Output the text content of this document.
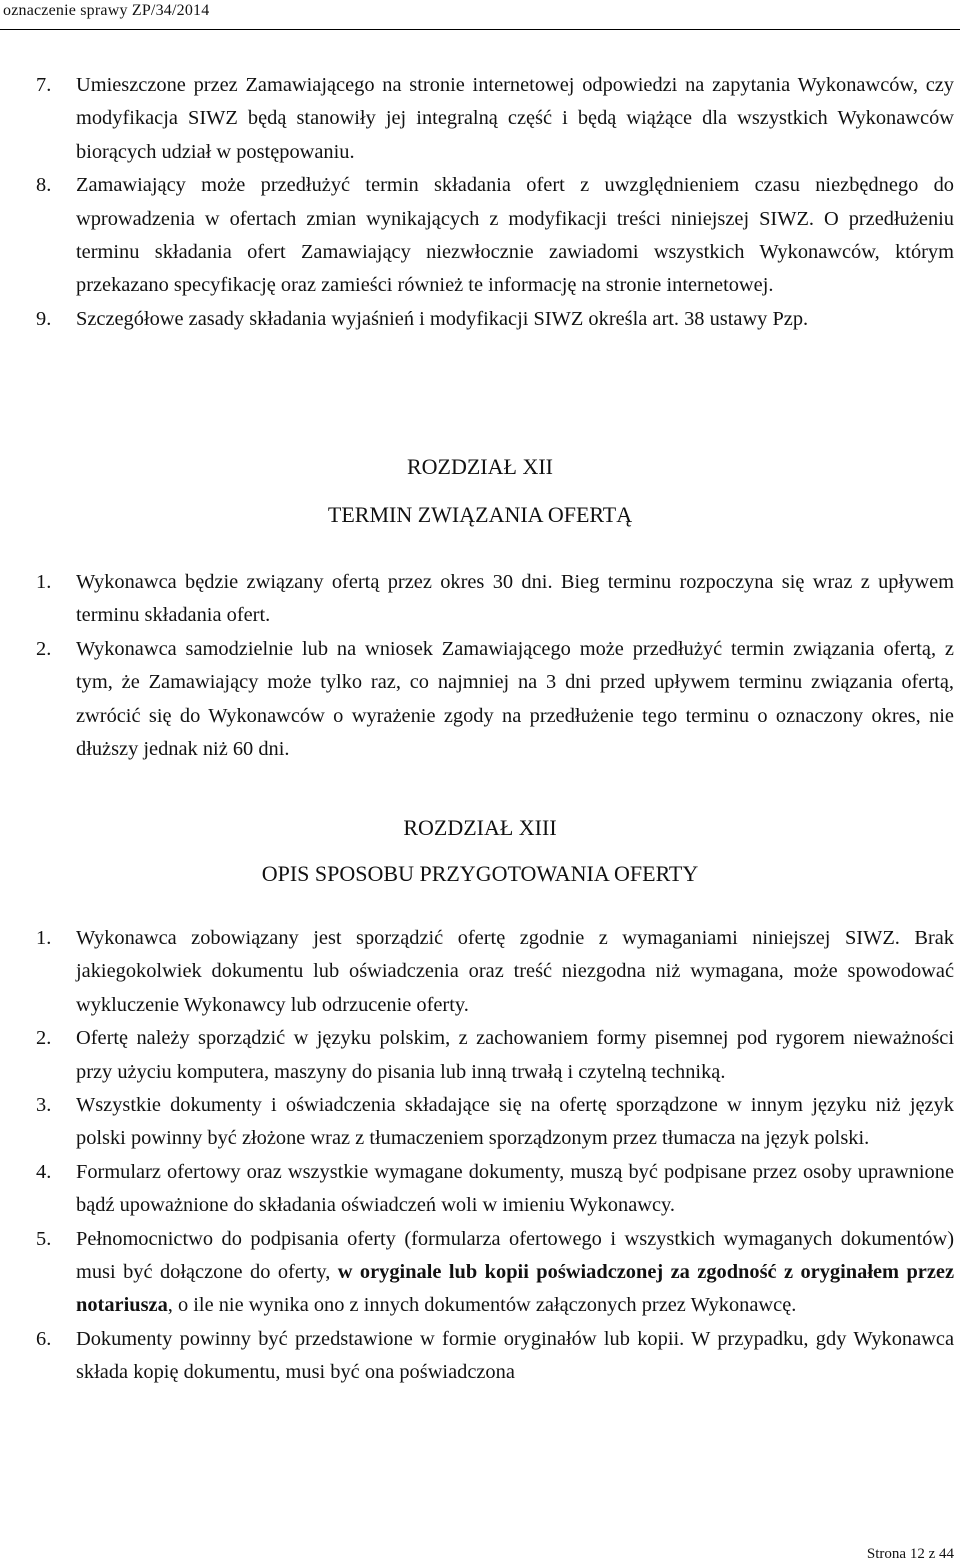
oznaczenie sprawy ZP/34/2014
7. Umieszczone przez Zamawiającego na stronie internetowej odpowiedzi na zapytania Wykonawców, czy modyfikacja SIWZ będą stanowiły jej integralną część i będą wiążące dla wszystkich Wykonawców biorących udział w postępowaniu.
8. Zamawiający może przedłużyć termin składania ofert z uwzględnieniem czasu niezbędnego do wprowadzenia w ofertach zmian wynikających z modyfikacji treści niniejszej SIWZ. O przedłużeniu terminu składania ofert Zamawiający niezwłocznie zawiadomi wszystkich Wykonawców, którym przekazano specyfikację oraz zamieści również te informację na stronie internetowej.
9. Szczegółowe zasady składania wyjaśnień i modyfikacji SIWZ określa art. 38 ustawy Pzp.
ROZDZIAŁ XII
TERMIN ZWIĄZANIA OFERTĄ
1. Wykonawca będzie związany ofertą przez okres 30 dni. Bieg terminu rozpoczyna się wraz z upływem terminu składania ofert.
2. Wykonawca samodzielnie lub na wniosek Zamawiającego może przedłużyć termin związania ofertą, z tym, że Zamawiający może tylko raz, co najmniej na 3 dni przed upływem terminu związania ofertą, zwrócić się do Wykonawców o wyrażenie zgody na przedłużenie tego terminu o oznaczony okres, nie dłuższy jednak niż 60 dni.
ROZDZIAŁ XIII
OPIS SPOSOBU PRZYGOTOWANIA OFERTY
1. Wykonawca zobowiązany jest sporządzić ofertę zgodnie z wymaganiami niniejszej SIWZ. Brak jakiegokolwiek dokumentu lub oświadczenia oraz treść niezgodna niż wymagana, może spowodować wykluczenie Wykonawcy lub odrzucenie oferty.
2. Ofertę należy sporządzić w języku polskim, z zachowaniem formy pisemnej pod rygorem nieważności przy użyciu komputera, maszyny do pisania lub inną trwałą i czytelną techniką.
3. Wszystkie dokumenty i oświadczenia składające się na ofertę sporządzone w innym języku niż język polski powinny być złożone wraz z tłumaczeniem sporządzonym przez tłumacza na język polski.
4. Formularz ofertowy oraz wszystkie wymagane dokumenty, muszą być podpisane przez osoby uprawnione bądź upoważnione do składania oświadczeń woli w imieniu Wykonawcy.
5. Pełnomocnictwo do podpisania oferty (formularza ofertowego i wszystkich wymaganych dokumentów) musi być dołączone do oferty, w oryginale lub kopii poświadczonej za zgodność z oryginałem przez notariusza, o ile nie wynika ono z innych dokumentów załączonych przez Wykonawcę.
6. Dokumenty powinny być przedstawione w formie oryginałów lub kopii. W przypadku, gdy Wykonawca składa kopię dokumentu, musi być ona poświadczona
Strona 12 z 44
